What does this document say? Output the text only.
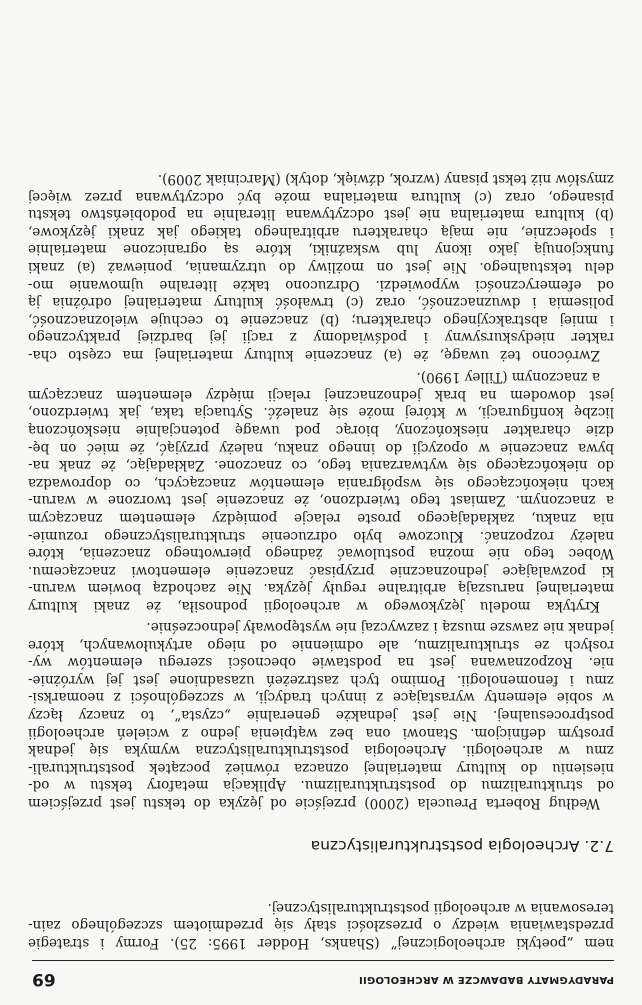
PARADYGMATY BADAWCZE W ARCHEOLOGII
69
nem „poetyki archeologicznej” (Shanks, Hodder 1995: 25). Formy i strategie
przedstawiania wiedzy o przeszłości stały się przedmiotem szczególnego zain-
teresowania w archeologii poststrukturalistycznej.
7.2. Archeologia poststrukturalistyczna
Według Roberta Preucela (2000) przejście od języka do tekstu jest przejściem
od strukturalizmu do poststrukturalizmu. Aplikacja metafory tekstu w od-
niesieniu do kultury materialnej oznacza również początek poststrukturali-
zmu w archeologii. Archeologia poststrukturalistyczna wymyka się jednak
prostym definicjom. Stanowi ona bez wątpienia jedno z wcieleń archeologii
postprocesualnej. Nie jest jednakże generalnie „czysta”, to znaczy łączy
w sobie elementy wyrastające z innych tradycji, w szczególności z neomarksi-
zmu i fenomenologii. Pomimo tych zastrzeżeń uzasadnione jest jej wyróżnie-
nie. Rozpoznawana jest na podstawie obecności szeregu elementów wy-
rosłych ze strukturalizmu, ale odmiennie od niego artykułowanych, które
jednak nie zawsze muszą i zazwyczaj nie występowały jednocześnie.
Krytyka modelu językowego w archeologii podnosiła, że znaki kultury
materialnej naruszają arbitralne reguły języka. Nie zachodzą bowiem warun-
ki pozwalające jednoznacznie przypisać znaczenie elementowi znaczącemu.
Wobec tego nie można postulować żadnego pierwotnego znaczenia, które
należy rozpoznać. Kluczowe było odrzucenie strukturalistycznego rozumie-
nia znaku, zakładającego proste relacje pomiędzy elementem znaczącym
a znaczonym. Zamiast tego twierdzono, że znaczenie jest tworzone w warun-
kach niekończącego się współgrania elementów znaczących, co doprowadza
do niekończącego się wytwarzania tego, co znaczone. Zakładając, że znak na-
bywa znaczenie w opozycji do innego znaku, należy przyjąć, że mieć on bę-
dzie charakter nieskończony, biorąc pod uwagę potencjalnie nieskończoną
liczbę konfiguracji, w której może się znaleźć. Sytuacja taka, jak twierdzono,
jest dowodem na brak jednoznacznej relacji między elementem znaczącym
a znaczonym (Tilley 1990).
Zwrócono też uwagę, że (a) znaczenie kultury materialnej ma często cha-
rakter niedyskursywny i podświadomy z racji jej bardziej praktycznego
i mniej abstrakcyjnego charakteru; (b) znaczenie to cechuje wieloznaczność,
polisemia i dwuznaczność, oraz (c) trwałość kultury materialnej odróżnia ją
od efemeryczności wypowiedzi. Odrzucono także literalne ujmowanie mo-
delu tekstualnego. Nie jest on możliwy do utrzymania, ponieważ (a) znaki
funkcjonują jako ikony lub wskaźniki, które są ograniczone materialnie
i społecznie, nie mają charakteru arbitralnego takiego jak znaki językowe,
(b) kultura materialna nie jest odczytywana literalnie na podobieństwo tekstu
pisanego, oraz (c) kultura materialna może być odczytywana przez więcej
zmysłów niż tekst pisany (wzrok, dźwięk, dotyk) (Marciniak 2009).
